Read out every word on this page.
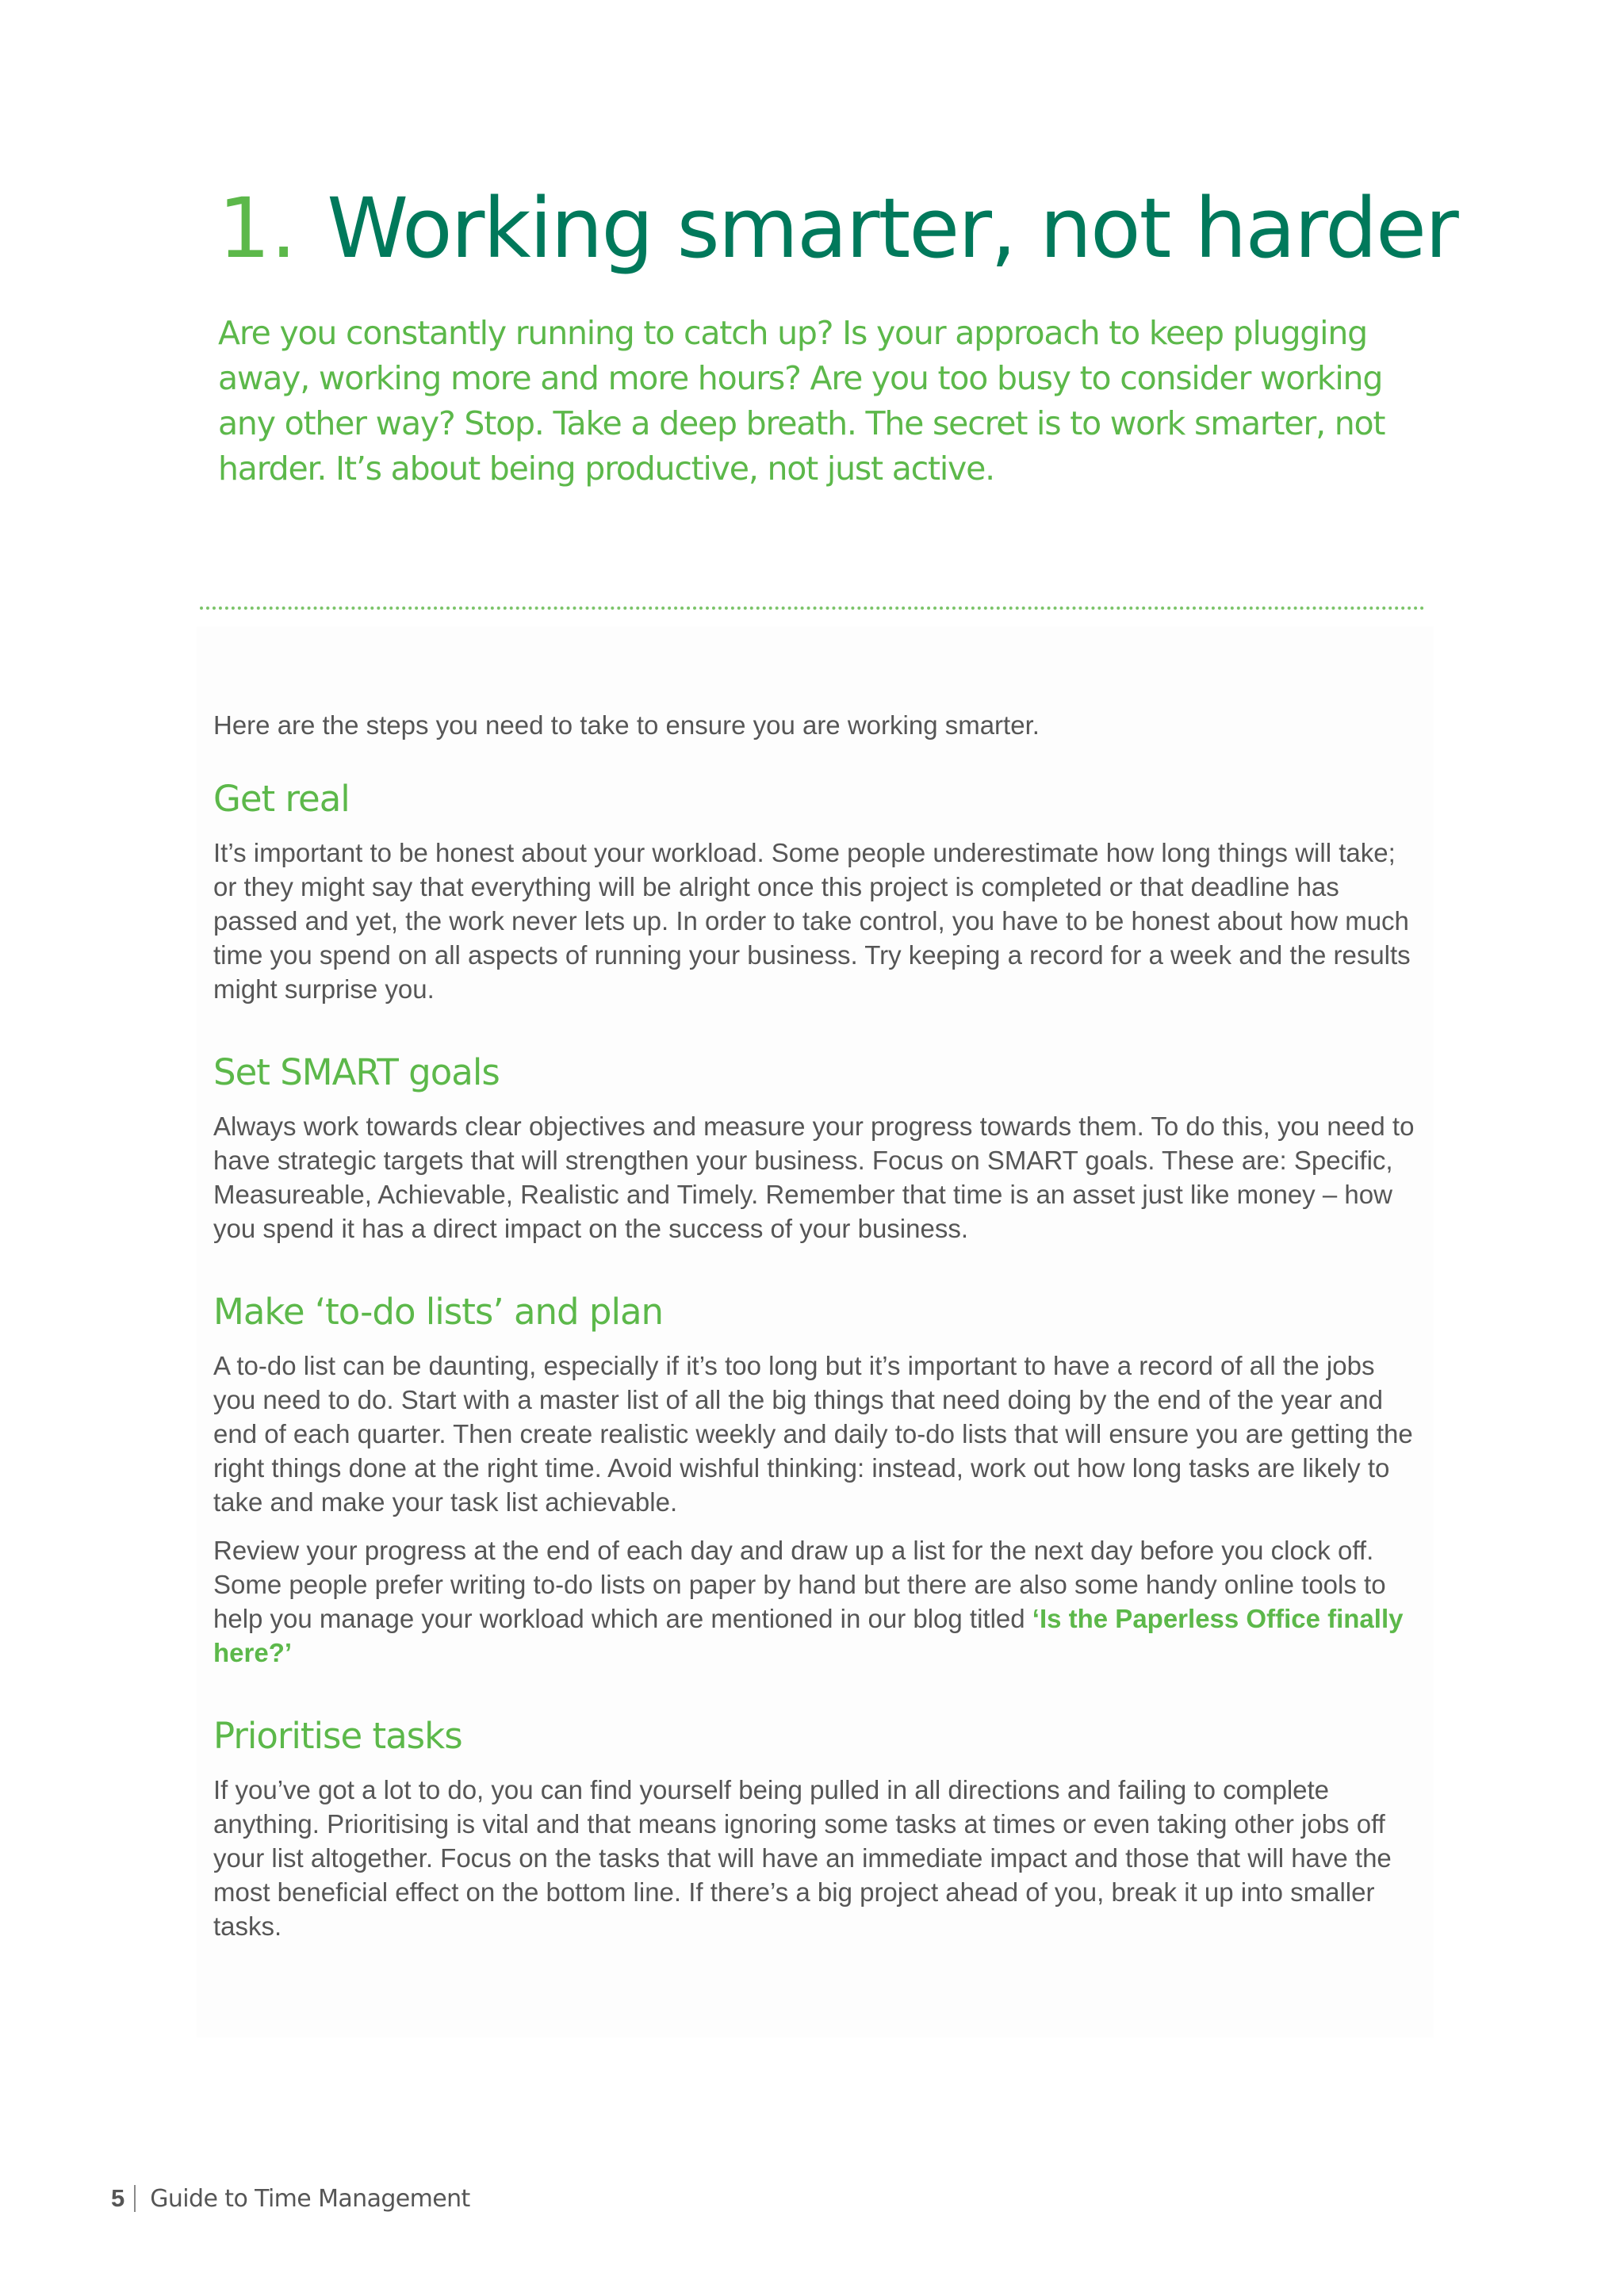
1. Working smarter, not harder

Are you constantly running to catch up? Is your approach to keep plugging away, working more and more hours? Are you too busy to consider working any other way? Stop. Take a deep breath. The secret is to work smarter, not harder. It’s about being productive, not just active.

Here are the steps you need to take to ensure you are working smarter.

Get real

It’s important to be honest about your workload. Some people underestimate how long things will take; or they might say that everything will be alright once this project is completed or that deadline has passed and yet, the work never lets up. In order to take control, you have to be honest about how much time you spend on all aspects of running your business. Try keeping a record for a week and the results might surprise you.

Set SMART goals

Always work towards clear objectives and measure your progress towards them. To do this, you need to have strategic targets that will strengthen your business. Focus on SMART goals. These are: Specific, Measureable, Achievable, Realistic and Timely. Remember that time is an asset just like money – how you spend it has a direct impact on the success of your business.

Make ‘to-do lists’ and plan

A to-do list can be daunting, especially if it’s too long but it’s important to have a record of all the jobs you need to do. Start with a master list of all the big things that need doing by the end of the year and end of each quarter. Then create realistic weekly and daily to-do lists that will ensure you are getting the right things done at the right time. Avoid wishful thinking: instead, work out how long tasks are likely to take and make your task list achievable.

Review your progress at the end of each day and draw up a list for the next day before you clock off. Some people prefer writing to-do lists on paper by hand but there are also some handy online tools to help you manage your workload which are mentioned in our blog titled ‘Is the Paperless Office finally here?’

Prioritise tasks

If you’ve got a lot to do, you can find yourself being pulled in all directions and failing to complete anything. Prioritising is vital and that means ignoring some tasks at times or even taking other jobs off your list altogether. Focus on the tasks that will have an immediate impact and those that will have the most beneficial effect on the bottom line. If there’s a big project ahead of you, break it up into smaller tasks.

5 Guide to Time Management
